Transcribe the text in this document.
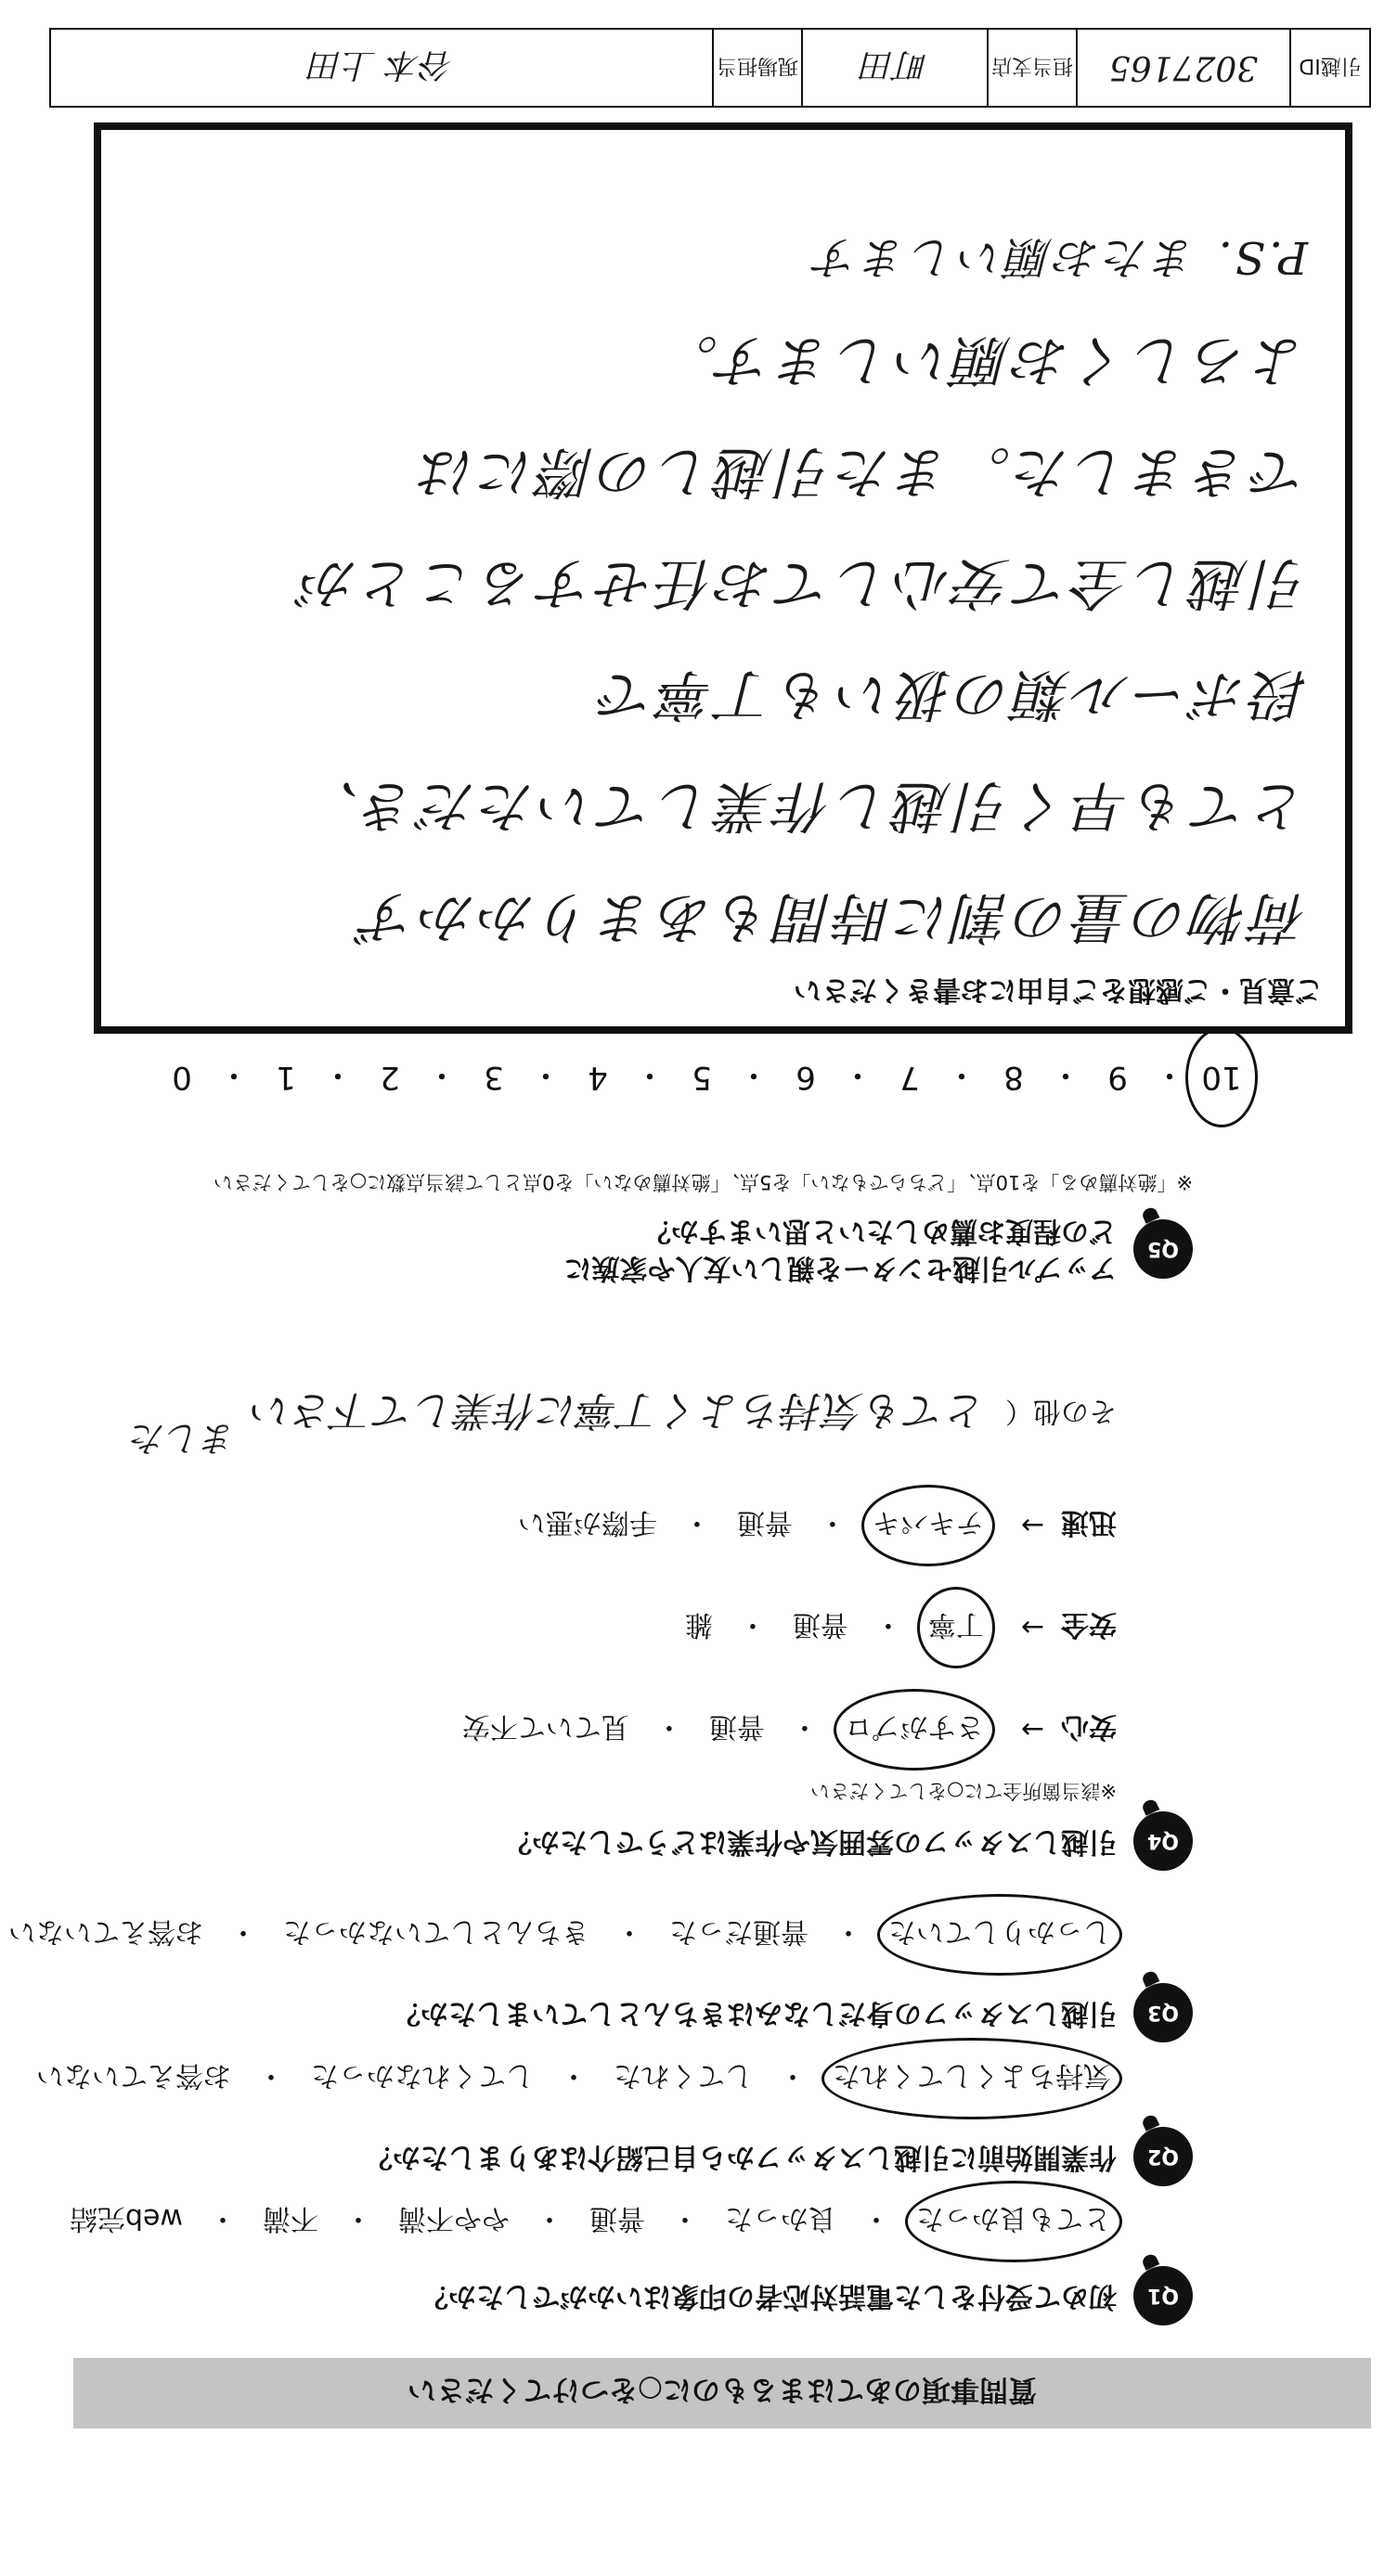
質問事項のあてはまるものに○をつけてください
Q1
初めて受付をした電話対応者の印象はいかがでしたか？
とても良かった
・
良かった
・
普通
・
やや不満
・
不満
・
web完結
Q2
作業開始前に引越しスタッフから自己紹介はありましたか？
気持ちよくしてくれた
・
してくれた
・
してくれなかった
・
お答えていない
Q3
引越しスタッフの身だしなみはきちんとしていましたか？
しっかりしていた
・
普通だった
・
きちんとしていなかった
・
お答えていない
Q4
引越しスタッフの雰囲気や作業はどうでしたか？
※該当箇所全てに○をしてください
安心
→
さすがプロ
・
普通
・
見ていて不安
安全
→
丁寧
・
普通
・
雑
迅速
→
テキパキ
・
普通
・
手際が悪い
その他（
とても気持ちよく丁寧に作業して下さい
ました
Q5
アップル引越センターを親しい友人や家族に
どの程度お薦めしたいと思いますか？
※「絶対薦める」を10点、「どちらでもない」を5点、「絶対薦めない」を0点として該当点数に○をしてください
10
・
9
・
8
・
7
・
6
・
5
・
4
・
3
・
2
・
1
・
0
ご意見・ご感想をご自由にお書きください
荷物の量の割に時間もあまりかかず
とても早く引越し作業していただき、
段ボール類の扱いも丁寧で
引越し全て安心してお任せすることが
できました。また引越しの際には
よろしくお願いします。
P.S. またお願いします
引越ID
3027165
担当支店
町田
現場担当
谷本 上田
